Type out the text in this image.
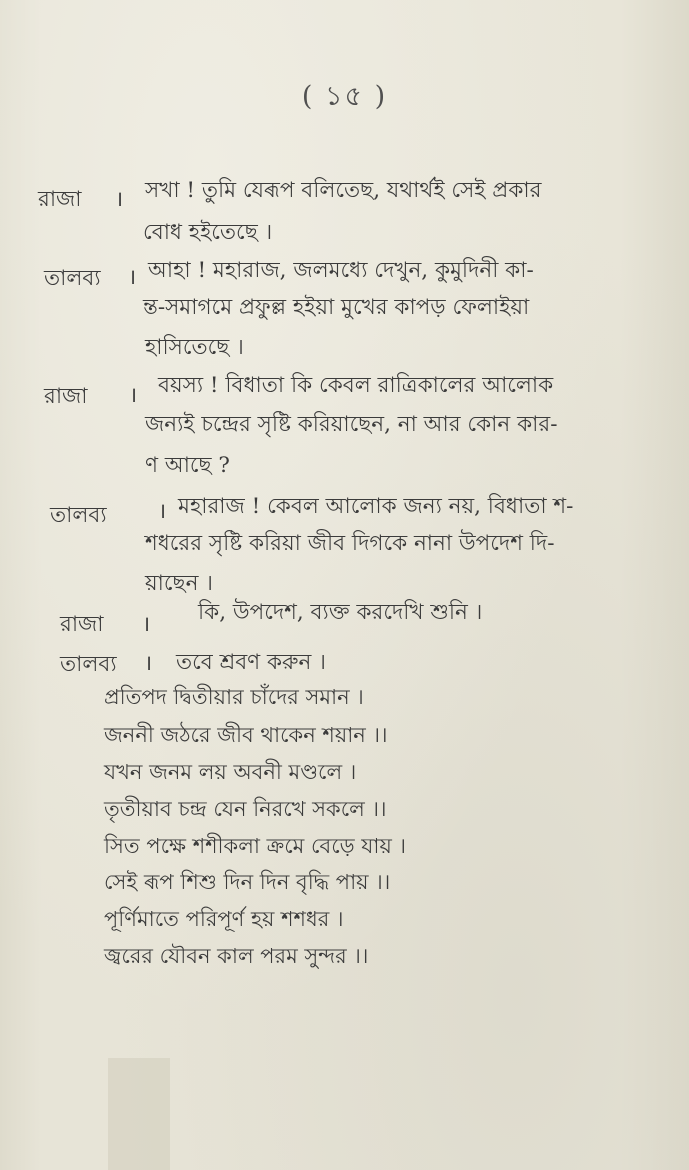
( ১৫ )
রাজা । সখা ! তুমি যেৰূপ বলিতেছ, যথার্থই সেই প্রকার
বোধ হইতেছে ।
তালব্য । আহা ! মহারাজ, জলমধ্যে দেখুন, কুমুদিনী কা-
ন্ত-সমাগমে প্রফুল্ল হইয়া মুখের কাপড় ফেলাইয়া
হাসিতেছে ।
রাজা । বয়স্য ! বিধাতা কি কেবল রাত্রিকালের আলোক
জন্যই চন্দ্রের সৃষ্টি করিয়াছেন, না আর কোন কার-
ণ আছে ?
তালব্য । মহারাজ ! কেবল আলোক জন্য নয়, বিধাতা শ-
শধরের সৃষ্টি করিয়া জীব দিগকে নানা উপদেশ দি-
য়াছেন ।
রাজা । কি, উপদেশ, ব্যক্ত করদেখি শুনি ।
তালব্য । তবে শ্রবণ করুন ।
প্রতিপদ দ্বিতীয়ার চাঁদের সমান ।
জননী জঠরে জীব থাকেন শয়ান ।।
যখন জনম লয় অবনী মণ্ডলে ।
তৃতীয়াব চন্দ্র যেন নিরখে সকলে ।।
সিত পক্ষে শশীকলা ক্রমে বেড়ে যায় ।
সেই ৰূপ শিশু দিন দিন বৃদ্ধি পায় ।।
পূর্ণিমাতে পরিপূর্ণ হয় শশধর ।
জ্বরের যৌবন কাল পরম সুন্দর ।।
